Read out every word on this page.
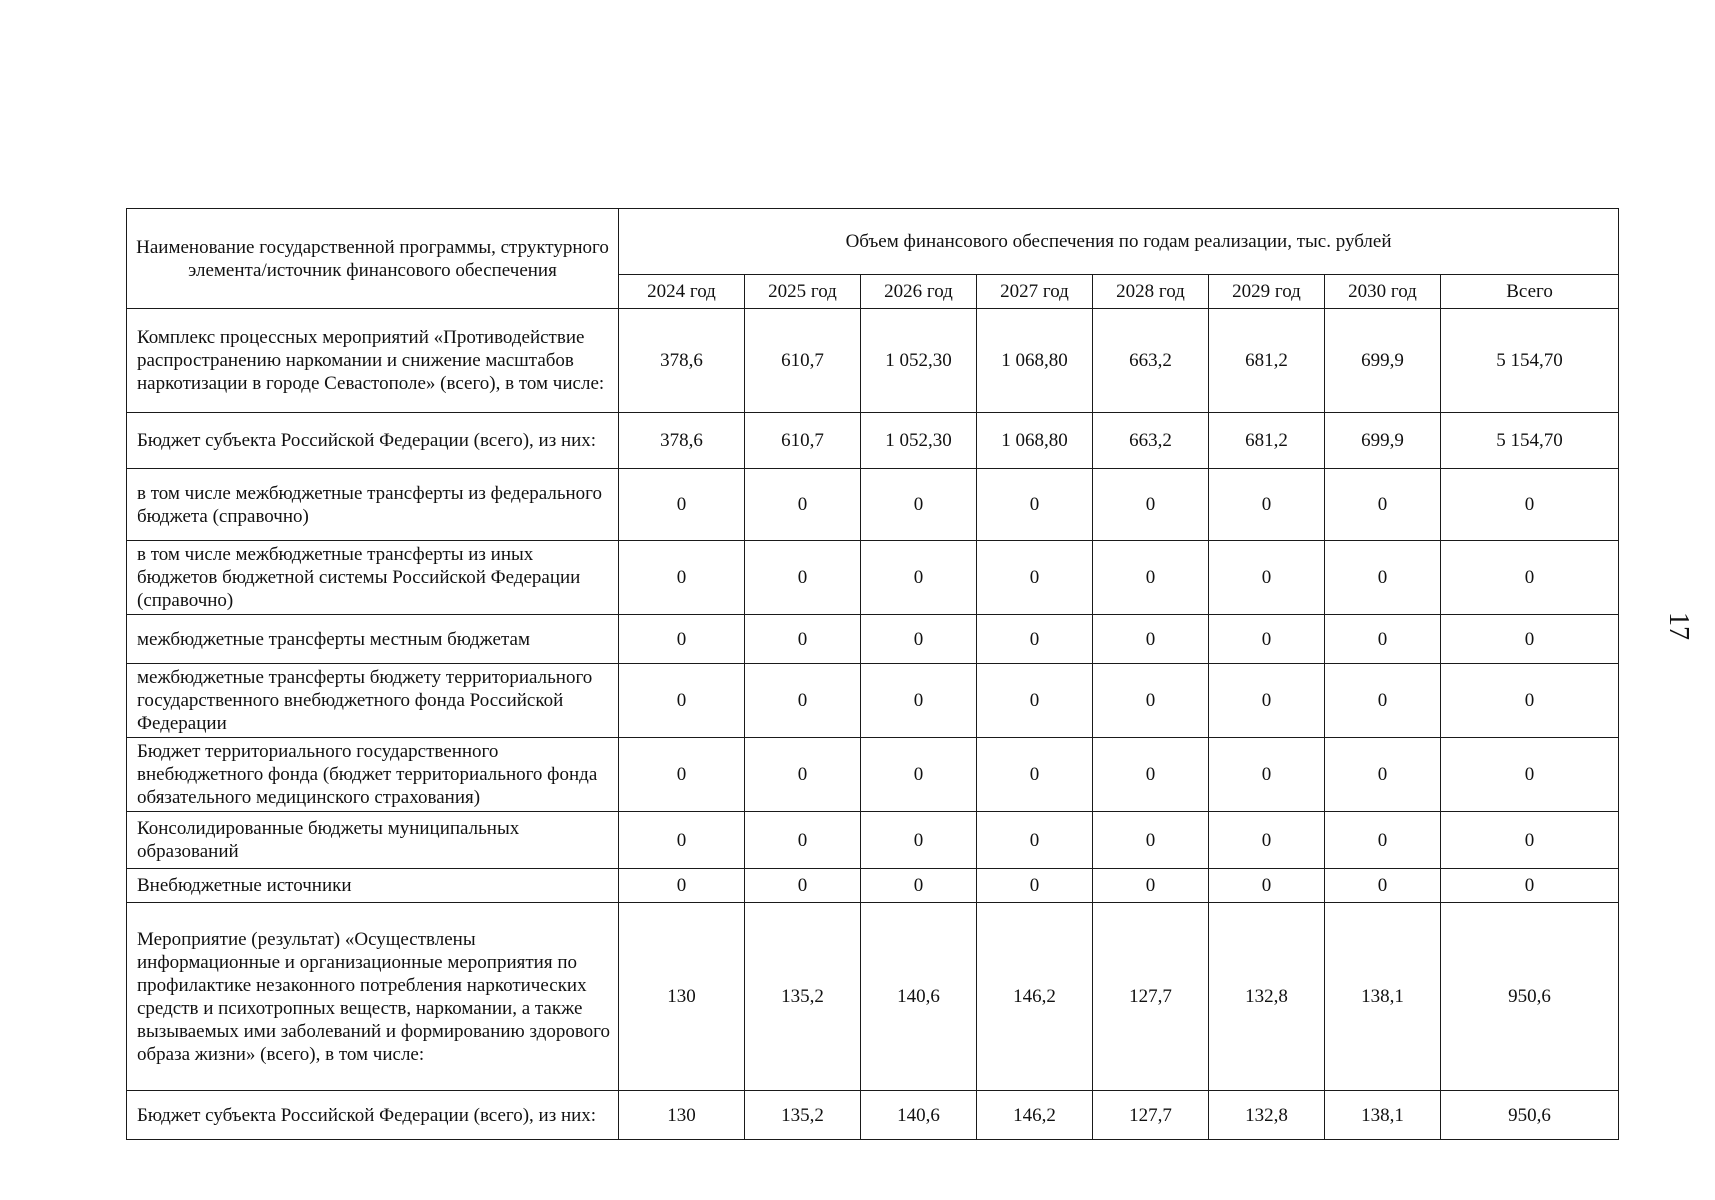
Наименование государственной программы, структурного элемента/источник финансового обеспечения	Объем финансового обеспечения по годам реализации, тыс. рублей							
	2024 год	2025 год	2026 год	2027 год	2028 год	2029 год	2030 год	Всего
Комплекс процессных мероприятий «Противодействие распространению наркомании и снижение масштабов наркотизации в городе Севастополе» (всего), в том числе:	378,6	610,7	1 052,30	1 068,80	663,2	681,2	699,9	5 154,70
Бюджет субъекта Российской Федерации (всего), из них:	378,6	610,7	1 052,30	1 068,80	663,2	681,2	699,9	5 154,70
в том числе межбюджетные трансферты из федерального бюджета (справочно)	0	0	0	0	0	0	0	0
в том числе межбюджетные трансферты из иных бюджетов бюджетной системы Российской Федерации (справочно)	0	0	0	0	0	0	0	0
межбюджетные трансферты местным бюджетам	0	0	0	0	0	0	0	0
межбюджетные трансферты бюджету территориального государственного внебюджетного фонда Российской Федерации	0	0	0	0	0	0	0	0
Бюджет территориального государственного внебюджетного фонда (бюджет территориального фонда обязательного медицинского страхования)	0	0	0	0	0	0	0	0
Консолидированные бюджеты муниципальных образований	0	0	0	0	0	0	0	0
Внебюджетные источники	0	0	0	0	0	0	0	0
Мероприятие (результат) «Осуществлены информационные и организационные мероприятия по профилактике незаконного потребления наркотических средств и психотропных веществ, наркомании, а также вызываемых ими заболеваний и формированию здорового образа жизни» (всего), в том числе:	130	135,2	140,6	146,2	127,7	132,8	138,1	950,6
Бюджет субъекта Российской Федерации (всего), из них:	130	135,2	140,6	146,2	127,7	132,8	138,1	950,6
17
